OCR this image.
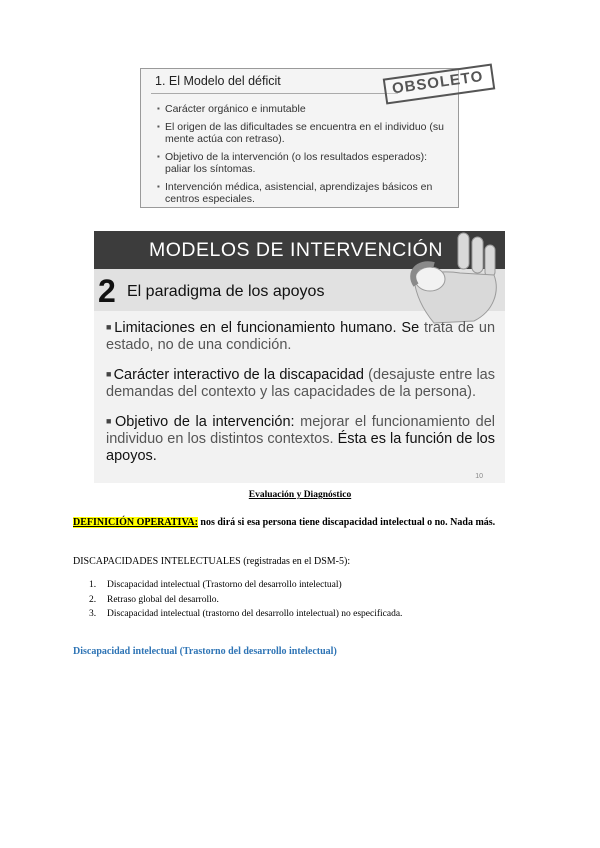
1. El Modelo del déficit	OBSOLETO
▪ Carácter orgánico e inmutable
▪ El origen de las dificultades se encuentra en el individuo (su mente actúa con retraso).
▪ Objetivo de la intervención (o los resultados esperados): paliar los síntomas.
▪ Intervención médica, asistencial, aprendizajes básicos en centros especiales.
MODELOS DE INTERVENCIÓN
2 El paradigma de los apoyos
■ Limitaciones en el funcionamiento humano. Se trata de un estado, no de una condición.
■ Carácter interactivo de la discapacidad (desajuste entre las demandas del contexto y las capacidades de la persona).
■ Objetivo de la intervención: mejorar el funcionamiento del individuo en los distintos contextos. Ésta es la función de los apoyos.
10
Evaluación y Diagnóstico
DEFINICIÓN OPERATIVA: nos dirá si esa persona tiene discapacidad intelectual o no. Nada más.
DISCAPACIDADES INTELECTUALES (registradas en el DSM-5):
1. Discapacidad intelectual (Trastorno del desarrollo intelectual)
2. Retraso global del desarrollo.
3. Discapacidad intelectual (trastorno del desarrollo intelectual) no especificada.
Discapacidad intelectual (Trastorno del desarrollo intelectual)
